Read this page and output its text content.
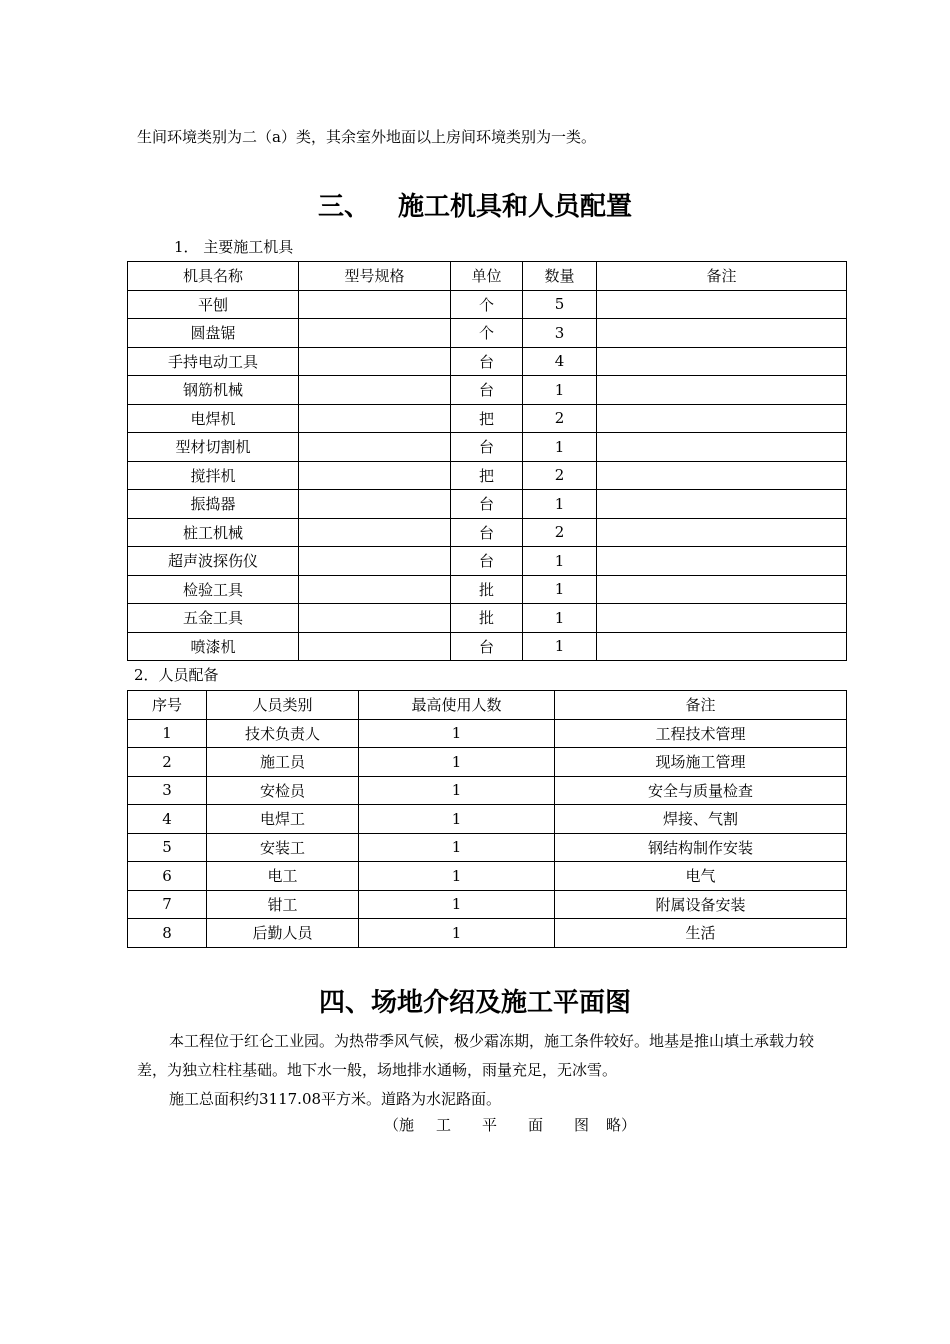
生间环境类别为二（a）类，其余室外地面以上房间环境类别为一类。
三、 施工机具和人员配置
1． 主要施工机具
机具名称	型号规格	单位	数量	备注
平刨		个	5	
圆盘锯		个	3	
手持电动工具		台	4	
钢筋机械		台	1	
电焊机		把	2	
型材切割机		台	1	
搅拌机		把	2	
振捣器		台	1	
桩工机械		台	2	
超声波探伤仪		台	1	
检验工具		批	1	
五金工具		批	1	
喷漆机		台	1	
2．人员配备
序号	人员类别	最高使用人数	备注
1	技术负责人	1	工程技术管理
2	施工员	1	现场施工管理
3	安检员	1	安全与质量检查
4	电焊工	1	焊接、气割
5	安装工	1	钢结构制作安装
6	电工	1	电气
7	钳工	1	附属设备安装
8	后勤人员	1	生活
四、场地介绍及施工平面图
本工程位于红仑工业园。为热带季风气候，极少霜冻期，施工条件较好。地基是推山填土承载力较差，为独立柱柱基础。地下水一般，场地排水通畅，雨量充足，无冰雪。
施工总面积约3117.08平方米。道路为水泥路面。
（施 工 平 面 图 略）
